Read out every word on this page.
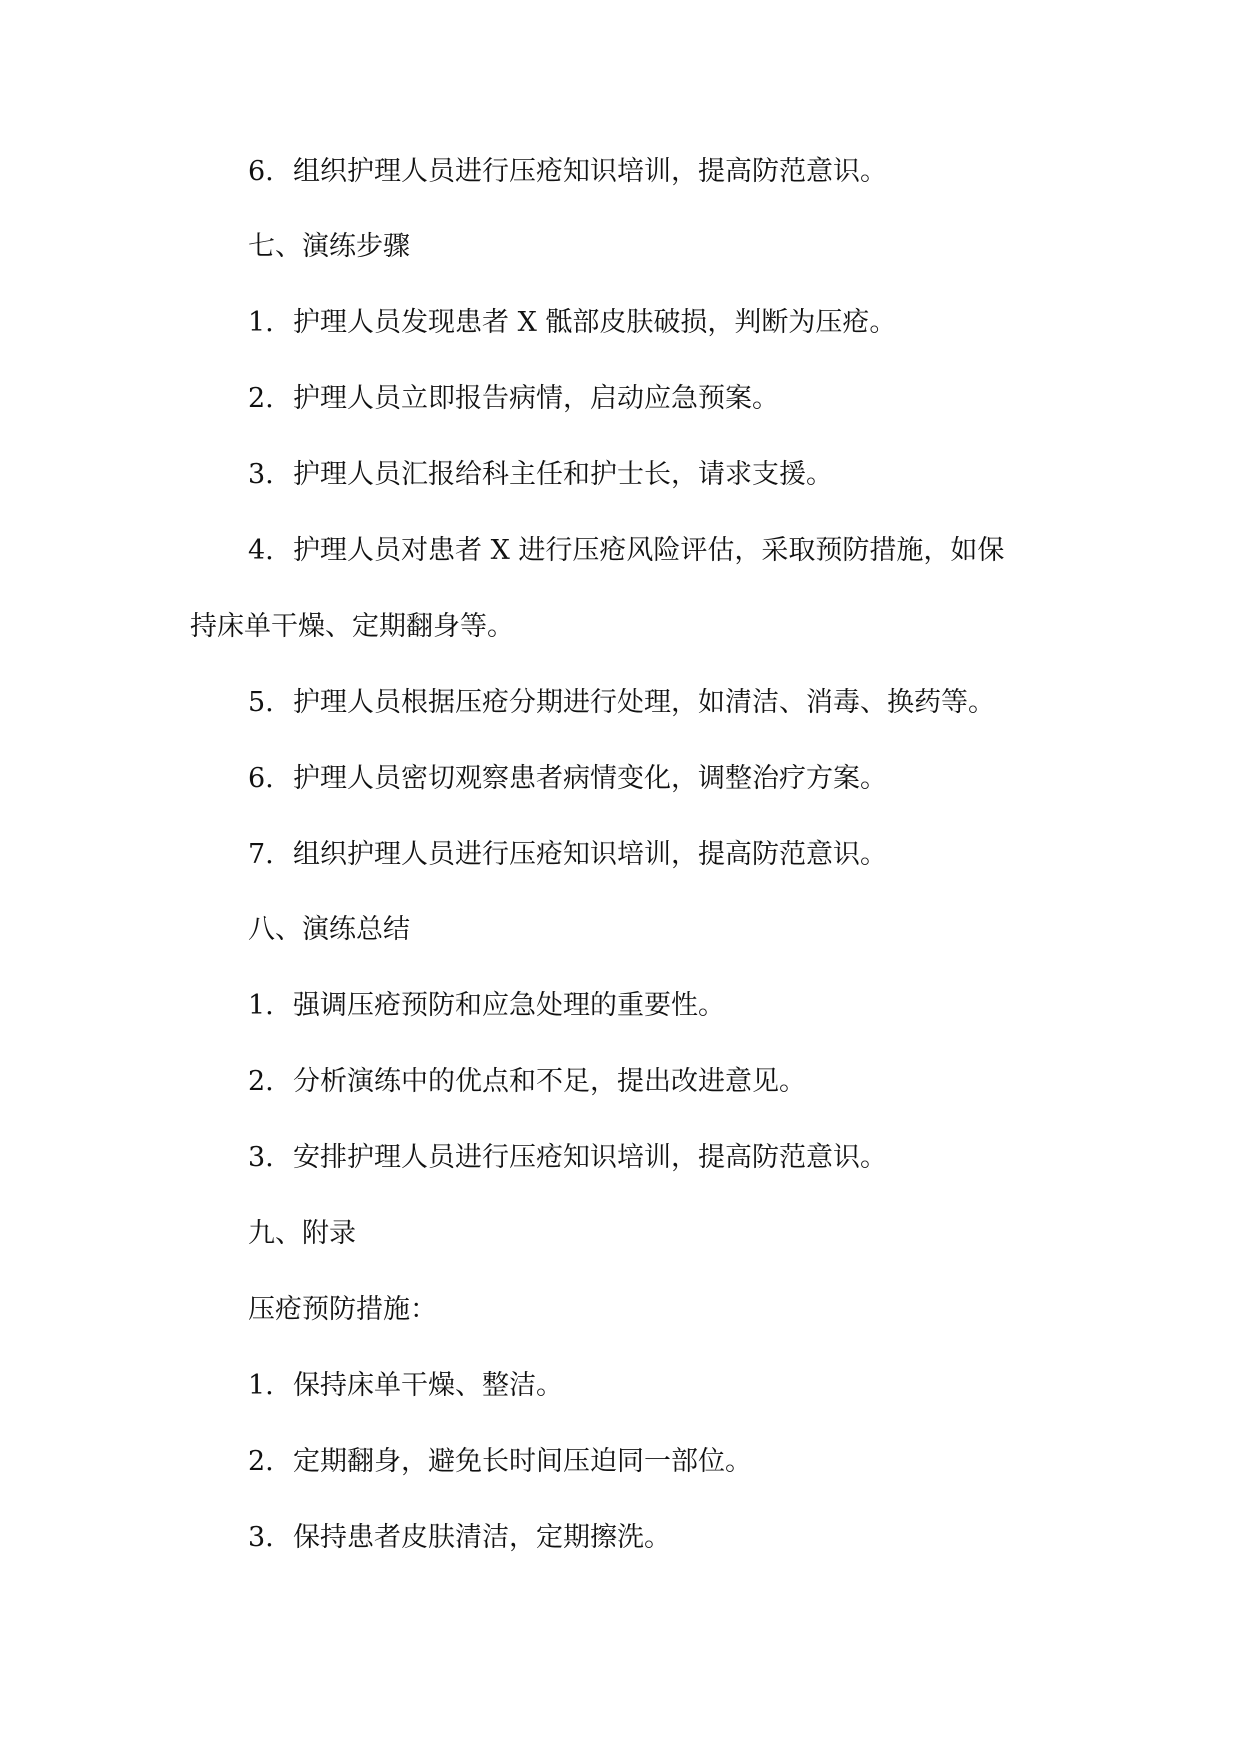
6. 组织护理人员进行压疮知识培训，提高防范意识。
七、演练步骤
1. 护理人员发现患者 X 骶部皮肤破损，判断为压疮。
2. 护理人员立即报告病情，启动应急预案。
3. 护理人员汇报给科主任和护士长，请求支援。
4. 护理人员对患者 X 进行压疮风险评估，采取预防措施，如保
持床单干燥、定期翻身等。
5. 护理人员根据压疮分期进行处理，如清洁、消毒、换药等。
6. 护理人员密切观察患者病情变化，调整治疗方案。
7. 组织护理人员进行压疮知识培训，提高防范意识。
八、演练总结
1. 强调压疮预防和应急处理的重要性。
2. 分析演练中的优点和不足，提出改进意见。
3. 安排护理人员进行压疮知识培训，提高防范意识。
九、附录
压疮预防措施：
1. 保持床单干燥、整洁。
2. 定期翻身，避免长时间压迫同一部位。
3. 保持患者皮肤清洁，定期擦洗。
